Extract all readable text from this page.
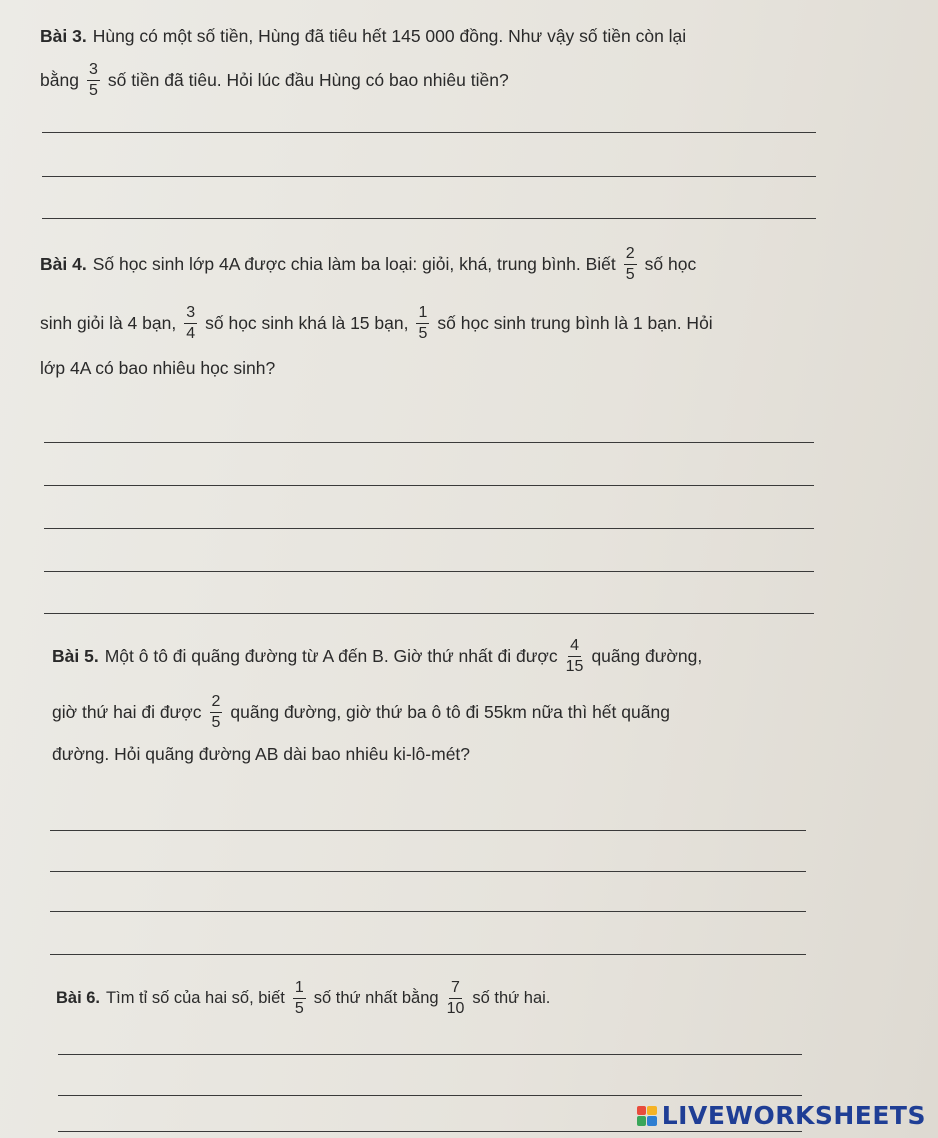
Bài 3. Hùng có một số tiền, Hùng đã tiêu hết 145 000 đồng. Như vậy số tiền còn lại
bằng $\frac{3}{5}$ số tiền đã tiêu. Hỏi lúc đầu Hùng có bao nhiêu tiền?
Bài 4. Số học sinh lớp 4A được chia làm ba loại: giỏi, khá, trung bình. Biết $\frac{2}{5}$ số học
sinh giỏi là 4 bạn, $\frac{3}{4}$ số học sinh khá là 15 bạn, $\frac{1}{5}$ số học sinh trung bình là 1 bạn. Hỏi
lớp 4A có bao nhiêu học sinh?
Bài 5. Một ô tô đi quãng đường từ A đến B. Giờ thứ nhất đi được $\frac{4}{15}$ quãng đường,
giờ thứ hai đi được $\frac{2}{5}$ quãng đường, giờ thứ ba ô tô đi 55km nữa thì hết quãng
đường. Hỏi quãng đường AB dài bao nhiêu ki-lô-mét?
Bài 6. Tìm tỉ số của hai số, biết $\frac{1}{5}$ số thứ nhất bằng $\frac{7}{10}$ số thứ hai.
LIVEWORKSHEETS
